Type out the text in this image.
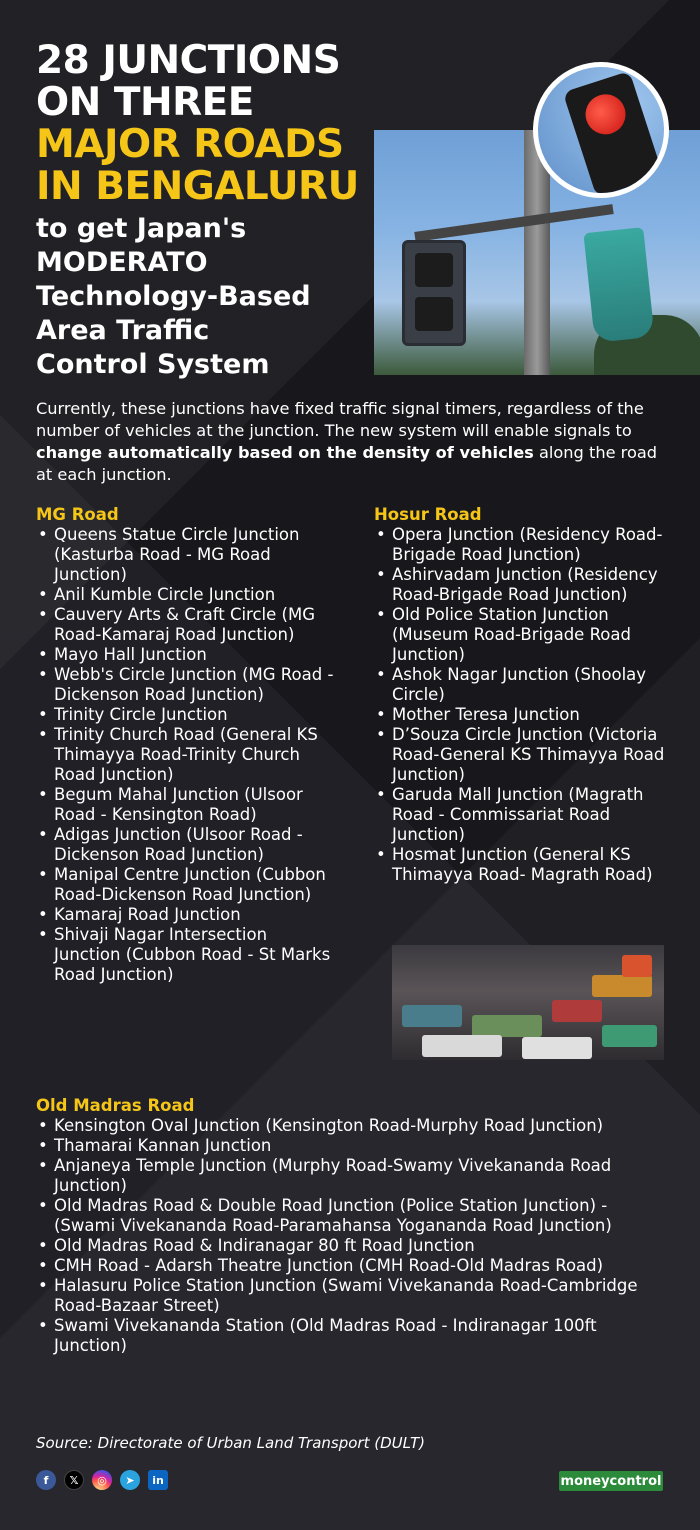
28 JUNCTIONS
ON THREE
MAJOR ROADS
IN BENGALURU
to get Japan's
MODERATO
Technology-Based
Area Traffic
Control System
Currently, these junctions have fixed traffic signal timers, regardless of the number of vehicles at the junction. The new system will enable signals to change automatically based on the density of vehicles along the road at each junction.
MG Road
• Queens Statue Circle Junction (Kasturba Road - MG Road Junction)
• Anil Kumble Circle Junction
• Cauvery Arts & Craft Circle (MG Road-Kamaraj Road Junction)
• Mayo Hall Junction
• Webb's Circle Junction (MG Road - Dickenson Road Junction)
• Trinity Circle Junction
• Trinity Church Road (General KS Thimayya Road-Trinity Church Road Junction)
• Begum Mahal Junction (Ulsoor Road - Kensington Road)
• Adigas Junction (Ulsoor Road - Dickenson Road Junction)
• Manipal Centre Junction (Cubbon Road-Dickenson Road Junction)
• Kamaraj Road Junction
• Shivaji Nagar Intersection Junction (Cubbon Road - St Marks Road Junction)
Hosur Road
• Opera Junction (Residency Road-Brigade Road Junction)
• Ashirvadam Junction (Residency Road-Brigade Road Junction)
• Old Police Station Junction (Museum Road-Brigade Road Junction)
• Ashok Nagar Junction (Shoolay Circle)
• Mother Teresa Junction
• D’Souza Circle Junction (Victoria Road-General KS Thimayya Road Junction)
• Garuda Mall Junction (Magrath Road - Commissariat Road Junction)
• Hosmat Junction (General KS Thimayya Road- Magrath Road)
Old Madras Road
• Kensington Oval Junction (Kensington Road-Murphy Road Junction)
• Thamarai Kannan Junction
• Anjaneya Temple Junction (Murphy Road-Swamy Vivekananda Road Junction)
• Old Madras Road & Double Road Junction (Police Station Junction) - (Swami Vivekananda Road-Paramahansa Yogananda Road Junction)
• Old Madras Road & Indiranagar 80 ft Road Junction
• CMH Road - Adarsh Theatre Junction (CMH Road-Old Madras Road)
• Halasuru Police Station Junction (Swami Vivekananda Road-Cambridge Road-Bazaar Street)
• Swami Vivekananda Station (Old Madras Road - Indiranagar 100ft Junction)
Source: Directorate of Urban Land Transport (DULT)
f	𝕏	◎	➤	in	moneycontrol
